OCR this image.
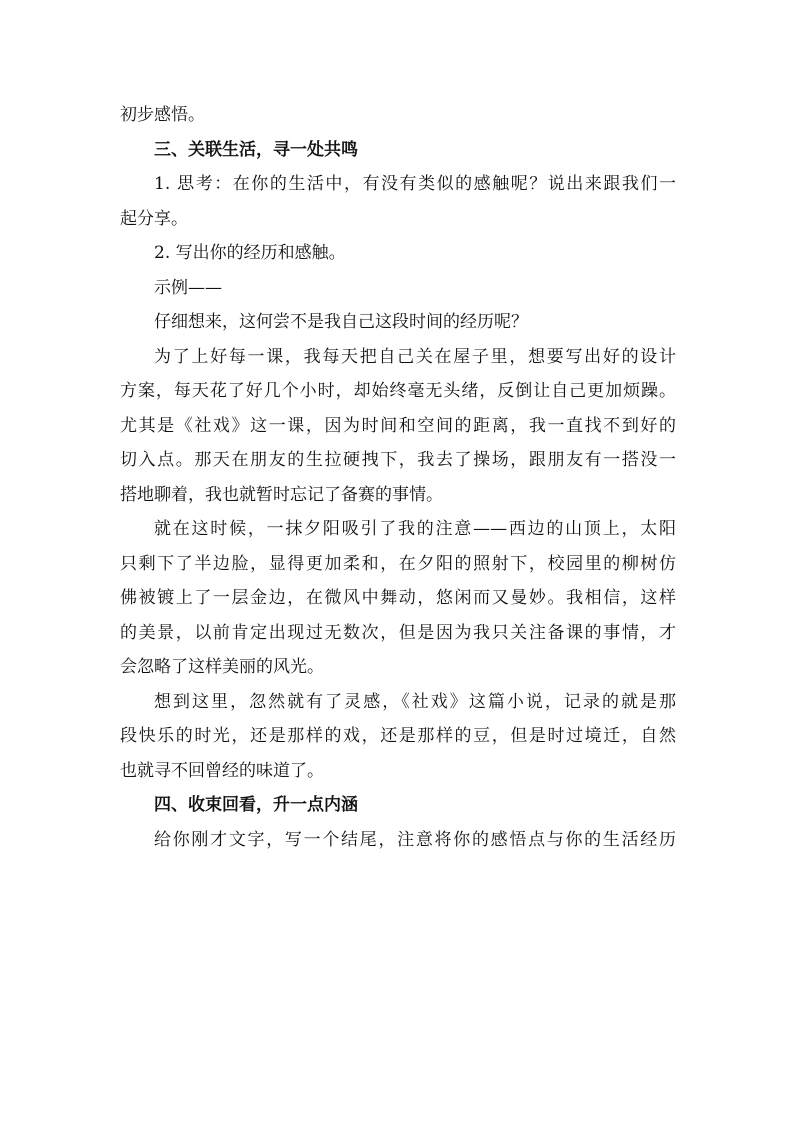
初步感悟。

三、关联生活，寻一处共鸣

1. 思考：在你的生活中，有没有类似的感触呢？说出来跟我们一

起分享。

2. 写出你的经历和感触。

示例——

仔细想来，这何尝不是我自己这段时间的经历呢？

为了上好每一课，我每天把自己关在屋子里，想要写出好的设计

方案，每天花了好几个小时，却始终毫无头绪，反倒让自己更加烦躁。

尤其是《社戏》这一课，因为时间和空间的距离，我一直找不到好的

切入点。那天在朋友的生拉硬拽下，我去了操场，跟朋友有一搭没一

搭地聊着，我也就暂时忘记了备赛的事情。

就在这时候，一抹夕阳吸引了我的注意——西边的山顶上，太阳

只剩下了半边脸，显得更加柔和，在夕阳的照射下，校园里的柳树仿

佛被镀上了一层金边，在微风中舞动，悠闲而又曼妙。我相信，这样

的美景，以前肯定出现过无数次，但是因为我只关注备课的事情，才

会忽略了这样美丽的风光。

想到这里，忽然就有了灵感，《社戏》这篇小说，记录的就是那

段快乐的时光，还是那样的戏，还是那样的豆，但是时过境迁，自然

也就寻不回曾经的味道了。

四、收束回看，升一点内涵

给你刚才文字，写一个结尾，注意将你的感悟点与你的生活经历
